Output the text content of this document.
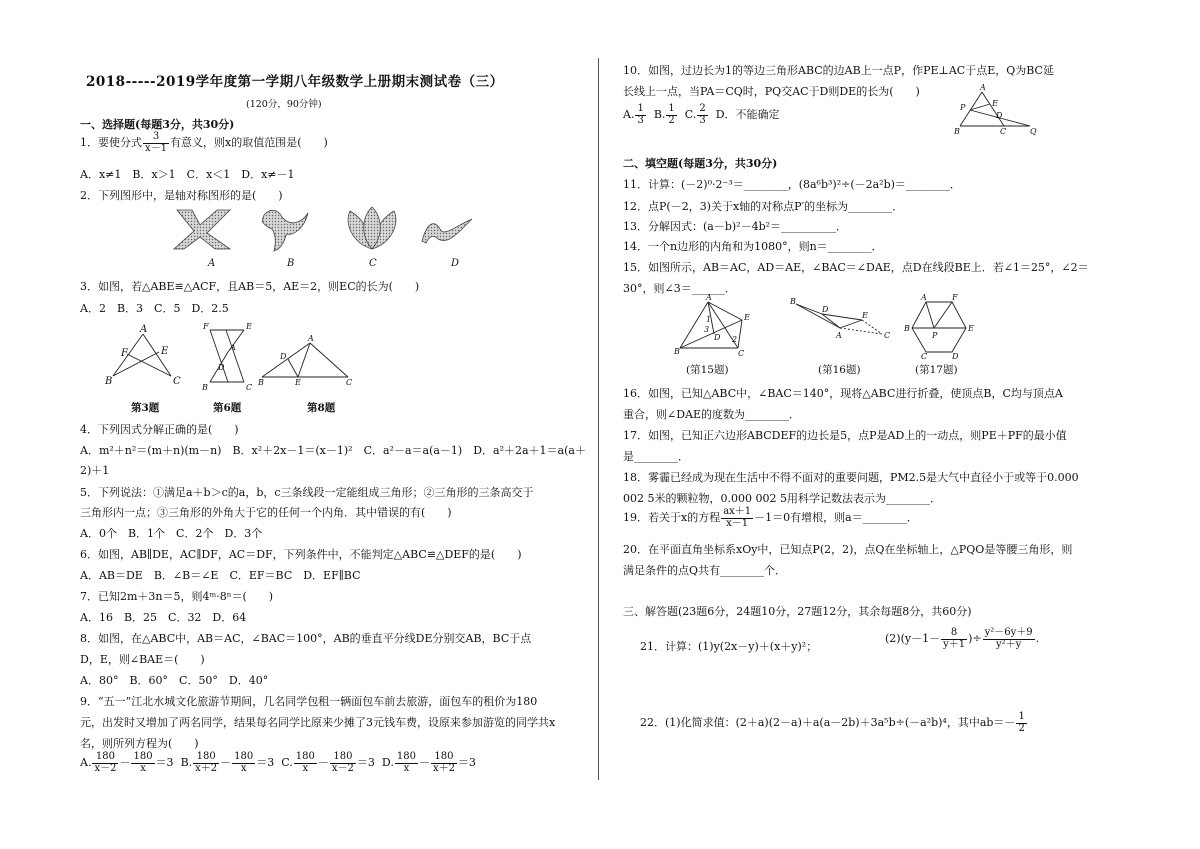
2018-----2019学年度第一学期八年级数学上册期末测试卷（三）
(120分，90分钟)
一、选择题(每题3分，共30分)
1．要使分式 $\frac{3}{x-1}$ 有意义，则x的取值范围是(　　)
A．x≠1　B．x＞1　C．x＜1　D．x≠－1
2．下列图形中，是轴对称图形的是(　　)
A	B	C	D
3．如图，若△ABE≌△ACF，且AB＝5，AE＝2，则EC的长为(　　)
A．2　B．3　C．5　D．2.5
A
F	E
B	C
F	E
A
D
B	C
A
B
D
E	C
第3题	第6题	第8题
4．下列因式分解正确的是(　　)
A．m²＋n²＝(m＋n)(m－n)　B．x²＋2x－1＝(x－1)²　C．a²－a＝a(a－1)　D．a²＋2a＋1＝a(a＋
2)＋1
5．下列说法：①满足a＋b＞c的a，b，c三条线段一定能组成三角形；②三角形的三条高交于
三角形内一点；③三角形的外角大于它的任何一个内角．其中错误的有(　　)
A．0个　B．1个　C．2个　D．3个
6．如图，AB∥DE，AC∥DF，AC＝DF，下列条件中，不能判定△ABC≌△DEF的是(　　)
A．AB＝DE　B．∠B＝∠E　C．EF＝BC　D．EF∥BC
7．已知2m＋3n＝5，则4ᵐ·8ⁿ＝(　　)
A．16　B．25　C．32　D．64
8．如图，在△ABC中，AB＝AC，∠BAC＝100°，AB的垂直平分线DE分别交AB，BC于点
D，E，则∠BAE＝(　　)
A．80°　B．60°　C．50°　D．40°
9．“五一”江北水城文化旅游节期间，几名同学包租一辆面包车前去旅游，面包车的租价为180
元，出发时又增加了两名同学，结果每名同学比原来少摊了3元钱车费，设原来参加游览的同学共x
名，则所列方程为(　　)
A. $\frac{180}{x-2} - \frac{180}{x} =3$ B. $\frac{180}{x+2} - \frac{180}{x} =3$ C. $\frac{180}{x} - \frac{180}{x-2} =3$ D. $\frac{180}{x} - \frac{180}{x+2} =3$
10．如图，过边长为1的等边三角形ABC的边AB上一点P，作PE⊥AC于点E，Q为BC延
长线上一点，当PA＝CQ时，PQ交AC于D则DE的长为(　　)
A. $\frac{1}{3} B$. $\frac{1}{2} C$. $\frac{2}{3}$ D．不能确定
A
P	E
D
B	C	Q
二、填空题(每题3分，共30分)
11．计算：(－2)⁰·2⁻³＝________，(8a⁶b³)²÷(－2a²b)＝________．
12．点P(－2，3)关于x轴的对称点P′的坐标为________．
13．分解因式：(a－b)²－4b²＝__________．
14．一个n边形的内角和为1080°，则n＝________．
15．如图所示，AB＝AC，AD＝AE，∠BAC＝∠DAE，点D在线段BE上．若∠1＝25°，∠2＝
30°，则∠3＝______．
A
D
E
B	C
1
2
3
B
D
A
E
C
A	F
B
P
E
C	D
(第15题)	(第16题)	(第17题)
16．如图，已知△ABC中，∠BAC＝140°，现将△ABC进行折叠，使顶点B，C均与顶点A
重合，则∠DAE的度数为________．
17．如图，已知正六边形ABCDEF的边长是5，点P是AD上的一动点，则PE＋PF的最小值
是________．
18．雾霾已经成为现在生活中不得不面对的重要问题，PM2.5是大气中直径小于或等于0.000
002 5米的颗粒物，0.000 002 5用科学记数法表示为________．
19．若关于x的方程 $\frac{ax+1}{x-1} -1=0$有增根，则a＝________．
20．在平面直角坐标系xOy中，已知点P(2，2)，点Q在坐标轴上，△PQO是等腰三角形，则
满足条件的点Q共有________个．
三、解答题(23题6分，24题10分，27题12分，其余每题8分，共60分)
21．计算：(1)y(2x－y)＋(x＋y)²；
$(2)(y-1- \frac{8}{y+1}$ )÷ $\frac{\text{y²－6y＋9}}{\text{y²＋y}}$ .
22．(1)化简求值：(2＋a)(2－a)＋a(a－2b)＋3a⁵b÷(－a²b)⁴，其中$ab=- \frac{1}{2}$
